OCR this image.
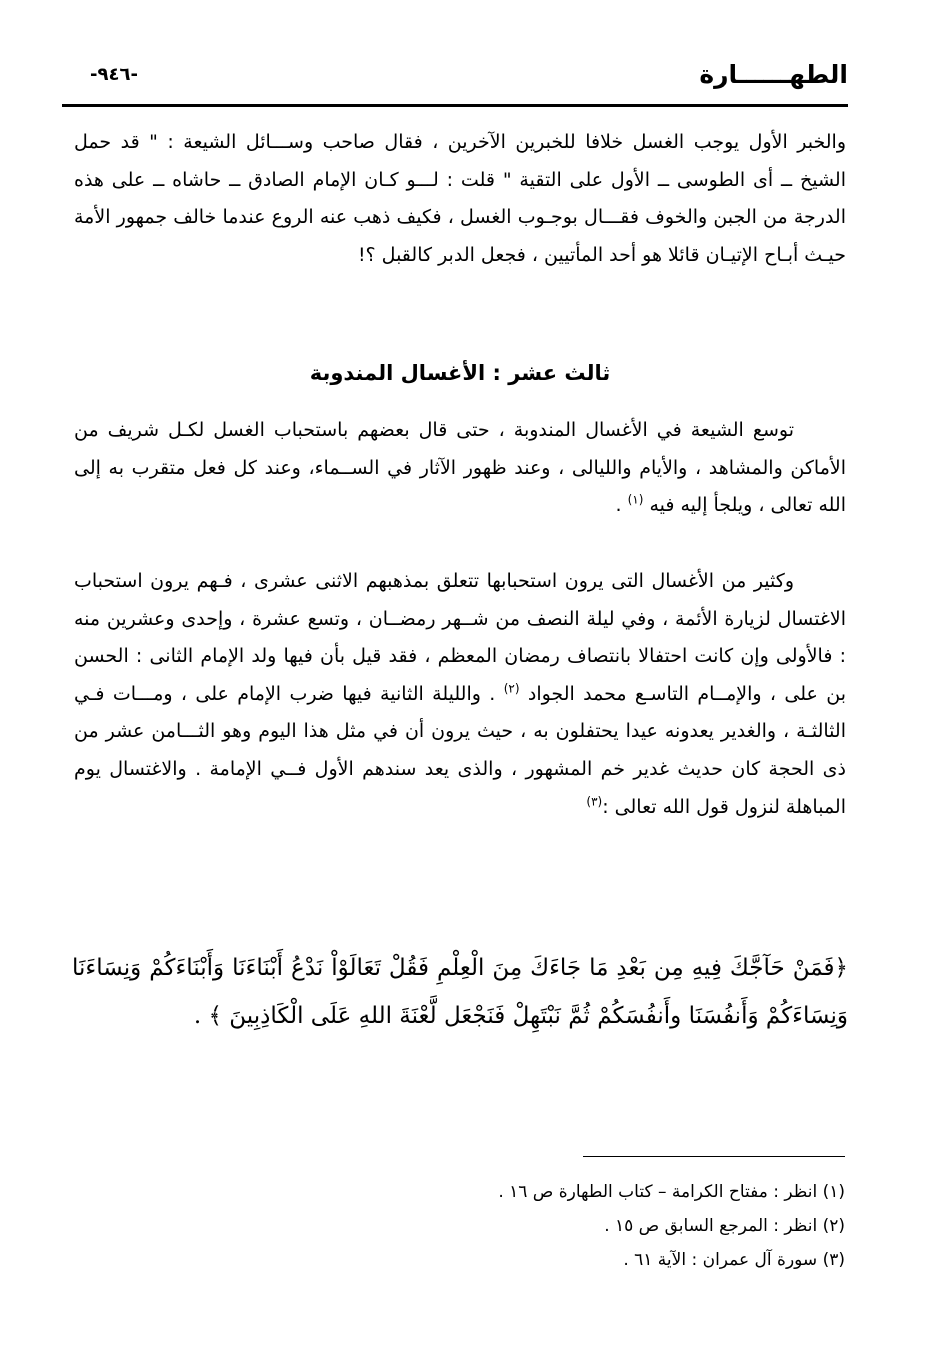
الطهــــــارة
-٩٤٦-

والخبر الأول يوجب الغسل خلافا للخبرين الآخرين ، فقال صاحب وســـائل الشيعة : " قد حمل الشيخ ــ أى الطوسى ــ الأول على التقية " قلت : لـــو كـان الإمام الصادق ــ حاشاه ــ على هذه الدرجة من الجبن والخوف فقـــال بوجـوب الغسل ، فكيف ذهب عنه الروع عندما خالف جمهور الأمة حيـث أبـاح الإتيـان قائلا هو أحد المأتيين ، فجعل الدبر كالقبل ؟!

ثالث عشر : الأغسال المندوبة

توسع الشيعة في الأغسال المندوبة ، حتى قال بعضهم باستحباب الغسل لكـل شريف من الأماكن والمشاهد ، والأيام والليالى ، وعند ظهور الآثار في الســماء، وعند كل فعل متقرب به إلى الله تعالى ، ويلجأ إليه فيه $^{(١)}$ .

وكثير من الأغسال التى يرون استحبابها تتعلق بمذهبهم الاثنى عشرى ، فـهم يرون استحباب الاغتسال لزيارة الأئمة ، وفي ليلة النصف من شــهر رمضــان ، وتسع عشرة ، وإحدى وعشرين منه : فالأولى وإن كانت احتفالا بانتصاف رمضان المعظم ، فقد قيل بأن فيها ولد الإمام الثانى : الحسن بن على ، والإمــام التاسـع محمد الجواد $^{(٢)}$ . والليلة الثانية فيها ضرب الإمام على ، ومـــات فـي الثالثـة ، والغدير يعدونه عيدا يحتفلون به ، حيث يرون أن في مثل هذا اليوم وهو الثـــامن عشر من ذى الحجة كان حديث غدير خم المشهور ، والذى يعد سندهم الأول فــي الإمامة . والاغتسال يوم المباهلة لنزول قول الله تعالى :$^{(٣)}$

﴿فَمَنْ حَآجَّكَ فِيهِ مِن بَعْدِ مَا جَاءَكَ مِنَ الْعِلْمِ فَقُلْ تَعَالَوْاْ نَدْعُ أَبْنَاءَنَا وَأَبْنَاءَكُمْ وَنِسَاءَنَا وَنِسَاءَكُمْ وَأَنفُسَنَا وأَنفُسَكُمْ ثُمَّ نَبْتَهِلْ فَنَجْعَل لَّعْنَةَ اللهِ عَلَى الْكَاذِبِينَ ﴾ .

(١) انظر : مفتاح الكرامة – كتاب الطهارة ص ١٦ .
(٢) انظر : المرجع السابق ص ١٥ .
(٣) سورة آل عمران : الآية ٦١ .
